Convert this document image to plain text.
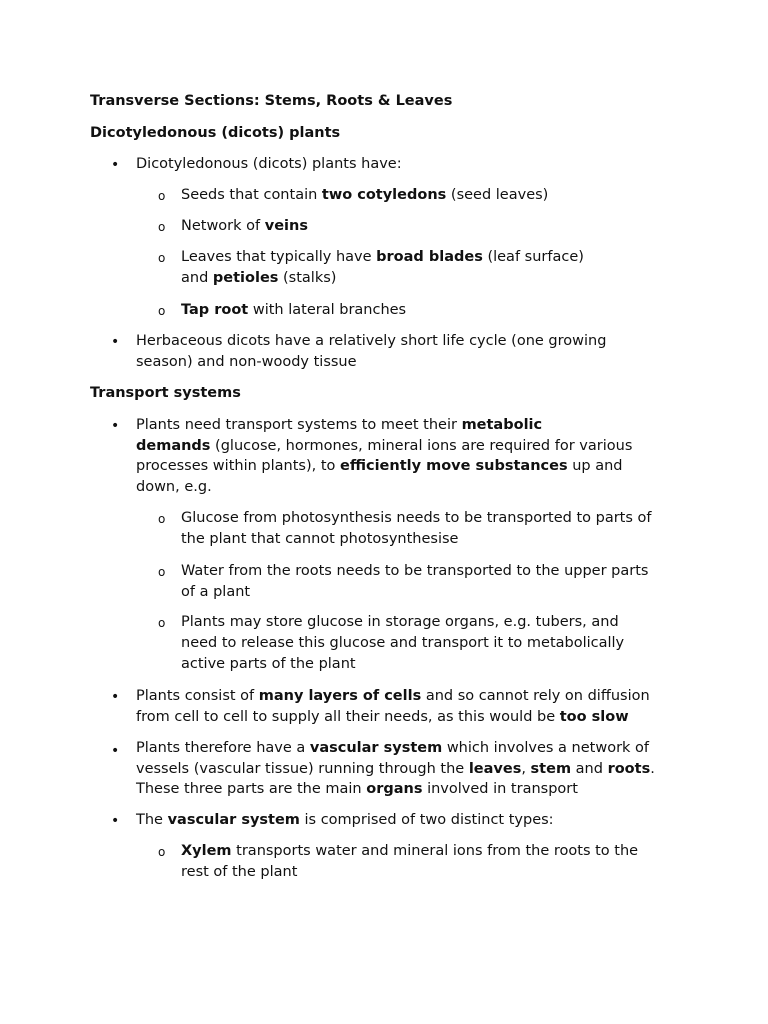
Transverse Sections: Stems, Roots & Leaves
Dicotyledonous (dicots) plants
• Dicotyledonous (dicots) plants have:
o Seeds that contain two cotyledons (seed leaves)
o Network of veins
o Leaves that typically have broad blades (leaf surface)
and petioles (stalks)
o Tap root with lateral branches
• Herbaceous dicots have a relatively short life cycle (one growing
season) and non-woody tissue
Transport systems
• Plants need transport systems to meet their metabolic
demands (glucose, hormones, mineral ions are required for various
processes within plants), to efficiently move substances up and
down, e.g.
o Glucose from photosynthesis needs to be transported to parts of
the plant that cannot photosynthesise
o Water from the roots needs to be transported to the upper parts
of a plant
o Plants may store glucose in storage organs, e.g. tubers, and
need to release this glucose and transport it to metabolically
active parts of the plant
• Plants consist of many layers of cells and so cannot rely on diffusion
from cell to cell to supply all their needs, as this would be too slow
• Plants therefore have a vascular system which involves a network of
vessels (vascular tissue) running through the leaves, stem and roots.
These three parts are the main organs involved in transport
• The vascular system is comprised of two distinct types:
o Xylem transports water and mineral ions from the roots to the
rest of the plant
